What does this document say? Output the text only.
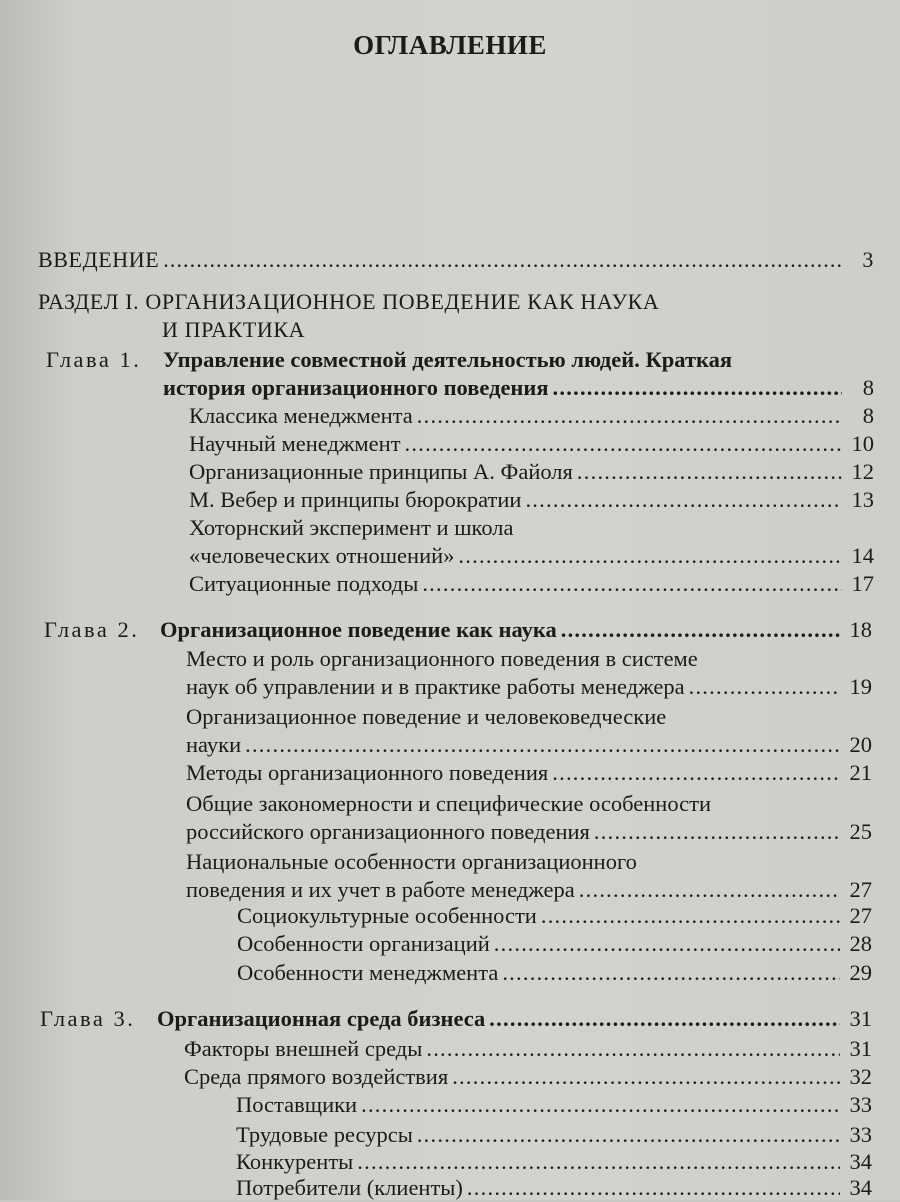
ОГЛАВЛЕНИЕ
ВВЕДЕНИЕ . . .	3
РАЗДЕЛ I. ОРГАНИЗАЦИОННОЕ ПОВЕДЕНИЕ КАК НАУКА
И ПРАКТИКА
Глава 1. Управление совместной деятельностью людей. Краткая
история организационного поведения . . .	8
Классика менеджмента . . .	8
Научный менеджмент . . .	10
Организационные принципы А. Файоля . . .	12
М. Вебер и принципы бюрократии . . .	13
Хоторнский эксперимент и школа
«человеческих отношений» . . .	14
Ситуационные подходы . . .	17
Глава 2. Организационное поведение как наука . . .	18
Место и роль организационного поведения в системе
наук об управлении и в практике работы менеджера . . .	19
Организационное поведение и человековедческие
науки . . .	20
Методы организационного поведения . . .	21
Общие закономерности и специфические особенности
российского организационного поведения . . .	25
Национальные особенности организационного
поведения и их учет в работе менеджера . . .	27
Социокультурные особенности . . .	27
Особенности организаций . . .	28
Особенности менеджмента . . .	29
Глава 3. Организационная среда бизнеса . . .	31
Факторы внешней среды . . .	31
Среда прямого воздействия . . .	32
Поставщики . . .	33
Трудовые ресурсы . . .	33
Конкуренты . . .	34
Потребители (клиенты) . . .	34
